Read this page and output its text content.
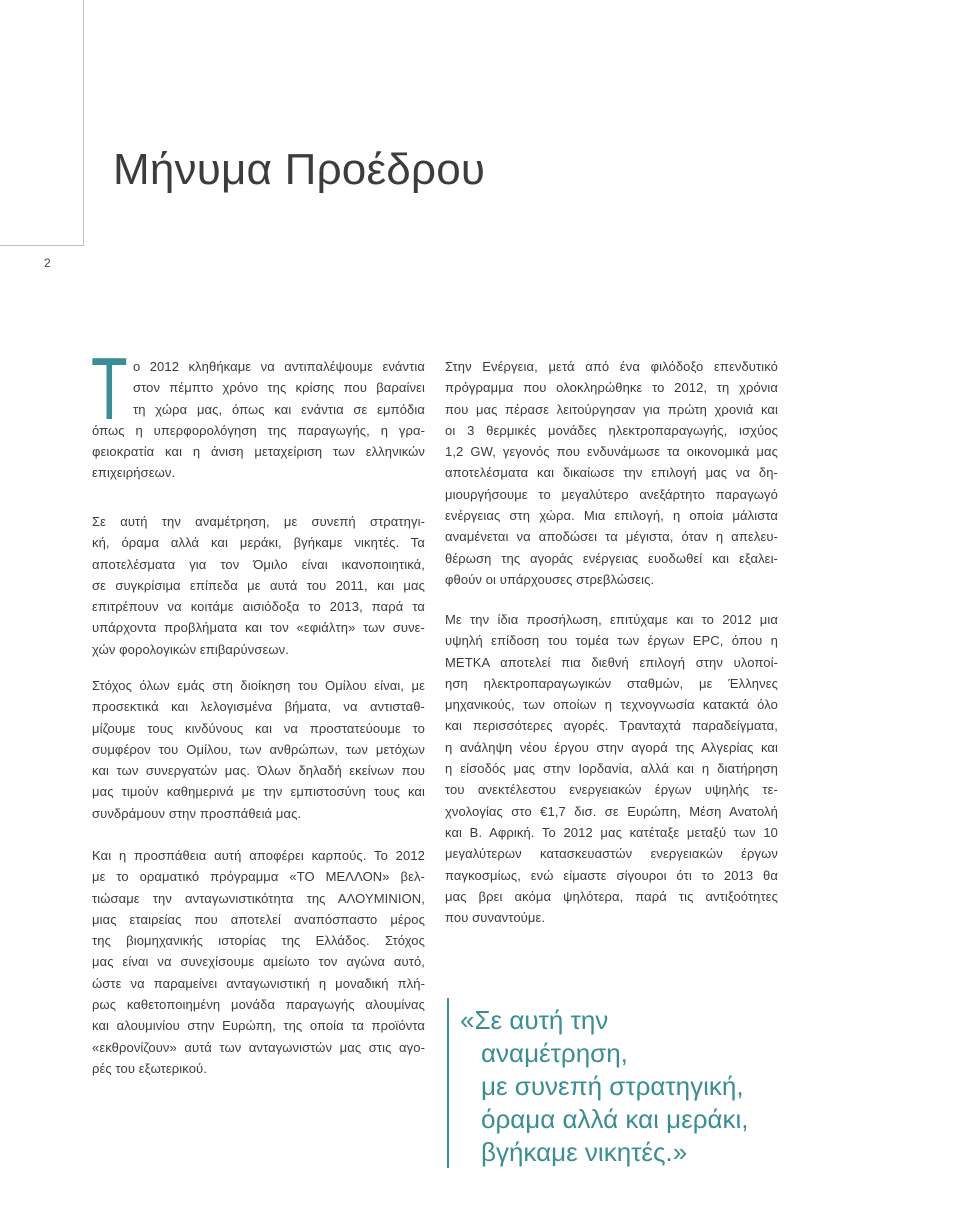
2
Μήνυμα Προέδρου
Τ ο 2012 κληθήκαμε να αντιπαλέψουμε ενάντια
στον πέμπτο χρόνο της κρίσης που βαραίνει
τη χώρα μας, όπως και ενάντια σε εμπόδια
όπως η υπερφορολόγηση της παραγωγής, η γρα-
φειοκρατία και η άνιση μεταχείριση των ελληνικών
επιχειρήσεων.
Σε αυτή την αναμέτρηση, με συνεπή στρατηγι-
κή, όραμα αλλά και μεράκι, βγήκαμε νικητές. Τα
αποτελέσματα για τον Όμιλο είναι ικανοποιητικά,
σε συγκρίσιμα επίπεδα με αυτά του 2011, και μας
επιτρέπουν να κοιτάμε αισιόδοξα το 2013, παρά τα
υπάρχοντα προβλήματα και τον «εφιάλτη» των συνε-
χών φορολογικών επιβαρύνσεων.
Στόχος όλων εμάς στη διοίκηση του Ομίλου είναι, με
προσεκτικά και λελογισμένα βήματα, να αντισταθ-
μίζουμε τους κινδύνους και να προστατεύουμε το
συμφέρον του Ομίλου, των ανθρώπων, των μετόχων
και των συνεργατών μας. Όλων δηλαδή εκείνων που
μας τιμούν καθημερινά με την εμπιστοσύνη τους και
συνδράμουν στην προσπάθειά μας.
Και η προσπάθεια αυτή αποφέρει καρπούς. Το 2012
με το οραματικό πρόγραμμα «ΤΟ ΜΕΛΛΟΝ» βελ-
τιώσαμε την ανταγωνιστικότητα της ΑΛΟΥΜΙΝΙΟΝ,
μιας εταιρείας που αποτελεί αναπόσπαστο μέρος
της βιομηχανικής ιστορίας της Ελλάδος. Στόχος
μας είναι να συνεχίσουμε αμείωτο τον αγώνα αυτό,
ώστε να παραμείνει ανταγωνιστική η μοναδική πλή-
ρως καθετοποιημένη μονάδα παραγωγής αλουμίνας
και αλουμινίου στην Ευρώπη, της οποία τα προϊόντα
«εκθρονίζουν» αυτά των ανταγωνιστών μας στις αγο-
ρές του εξωτερικού.
Στην Ενέργεια, μετά από ένα φιλόδοξο επενδυτικό
πρόγραμμα που ολοκληρώθηκε το 2012, τη χρόνια
που μας πέρασε λειτούργησαν για πρώτη χρονιά και
οι 3 θερμικές μονάδες ηλεκτροπαραγωγής, ισχύος
1,2 GW, γεγονός που ενδυνάμωσε τα οικονομικά μας
αποτελέσματα και δικαίωσε την επιλογή μας να δη-
μιουργήσουμε το μεγαλύτερο ανεξάρτητο παραγωγό
ενέργειας στη χώρα. Μια επιλογή, η οποία μάλιστα
αναμένεται να αποδώσει τα μέγιστα, όταν η απελευ-
θέρωση της αγοράς ενέργειας ευοδωθεί και εξαλει-
φθούν οι υπάρχουσες στρεβλώσεις.
Με την ίδια προσήλωση, επιτύχαμε και το 2012 μια
υψηλή επίδοση του τομέα των έργων EPC, όπου η
ΜΕΤΚΑ αποτελεί πια διεθνή επιλογή στην υλοποί-
ηση ηλεκτροπαραγωγικών σταθμών, με Έλληνες
μηχανικούς, των οποίων η τεχνογνωσία κατακτά όλο
και περισσότερες αγορές. Τρανταχτά παραδείγματα,
η ανάληψη νέου έργου στην αγορά της Αλγερίας και
η είσοδός μας στην Ιορδανία, αλλά και η διατήρηση
του ανεκτέλεστου ενεργειακών έργων υψηλής τε-
χνολογίας στο €1,7 δισ. σε Ευρώπη, Μέση Ανατολή
και Β. Αφρική. Το 2012 μας κατέταξε μεταξύ των 10
μεγαλύτερων κατασκευαστών ενεργειακών έργων
παγκοσμίως, ενώ είμαστε σίγουροι ότι το 2013 θα
μας βρει ακόμα ψηλότερα, παρά τις αντιξοότητες
που συναντούμε.
«Σε αυτή την
αναμέτρηση,
με συνεπή στρατηγική,
όραμα αλλά και μεράκι,
βγήκαμε νικητές.»
